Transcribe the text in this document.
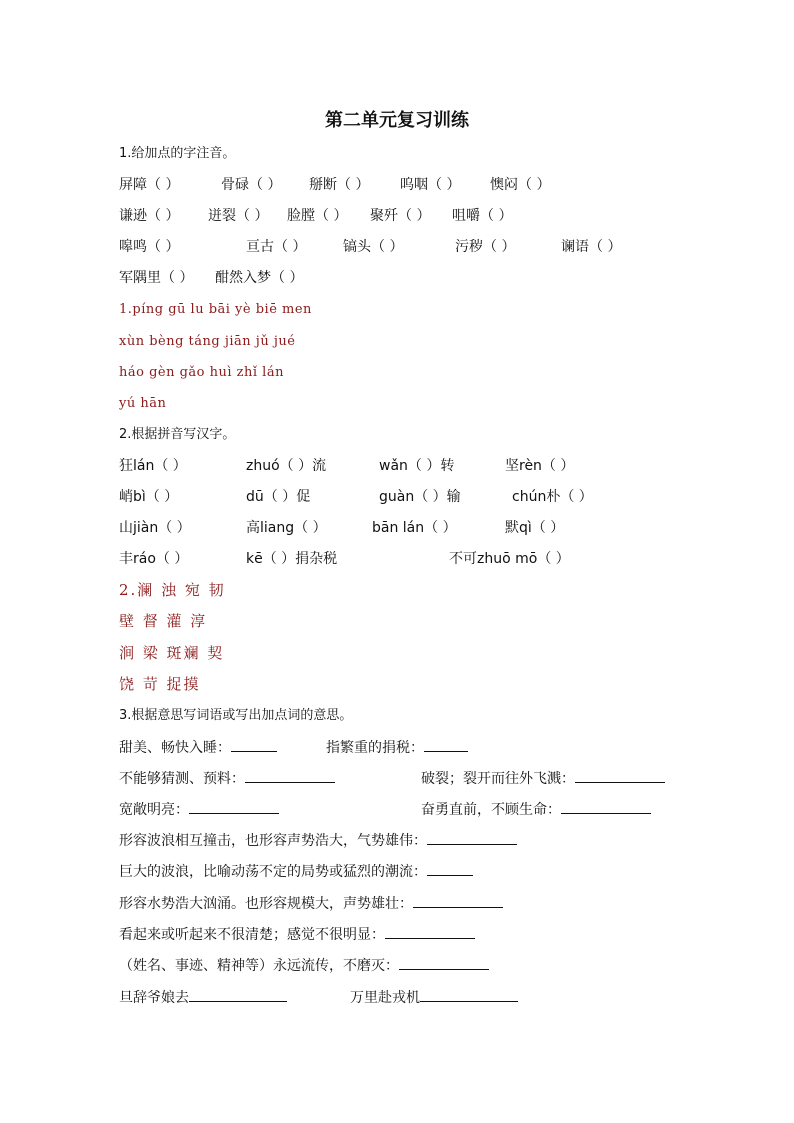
第二单元复习训练
1.给加点的字注音。
屏障（ ）	骨碌（ ） 掰断（ ） 呜咽（ ） 懊闷（ ）
谦逊（ ） 迸裂（ ） 脸膛（ ） 聚歼（ ） 咀嚼（ ）
嗥鸣（ ）	亘古（ ）	镐头（ ）	污秽（ ）	谰语（ ）
军隅里（ ） 酣然入梦（ ）
1.píng gū lu bāi yè biē men
xùn bèng táng jiān jǔ jué
háo gèn gǎo huì zhǐ lán
yú hān
2.根据拼音写汉字。
狂lán（ ）	zhuó（ ）流	wǎn（ ）转	坚rèn（ ）
峭bì（ ）	dū（ ）促	guàn（ ）输	chún朴（ ）
山jiàn（ ）	高liang（ ）	bān lán（ ）	默qì（ ）
丰ráo（ ）	kē（ ）捐杂税	不可zhuō mō（ ）
2.澜 浊 宛 韧
壁 督 灌 淳
涧 梁 斑斓 契
饶 苛 捉摸
3.根据意思写词语或写出加点词的意思。
甜美、畅快入睡：	指繁重的捐税：
不能够猜测、预料：	破裂；裂开而往外飞溅：
宽敞明亮：	奋勇直前，不顾生命：
形容波浪相互撞击，也形容声势浩大，气势雄伟：
巨大的波浪，比喻动荡不定的局势或猛烈的潮流：
形容水势浩大汹涌。也形容规模大，声势雄壮：
看起来或听起来不很清楚；感觉不很明显：
（姓名、事迹、精神等）永远流传，不磨灭：
旦辞爷娘去	万里赴戎机
